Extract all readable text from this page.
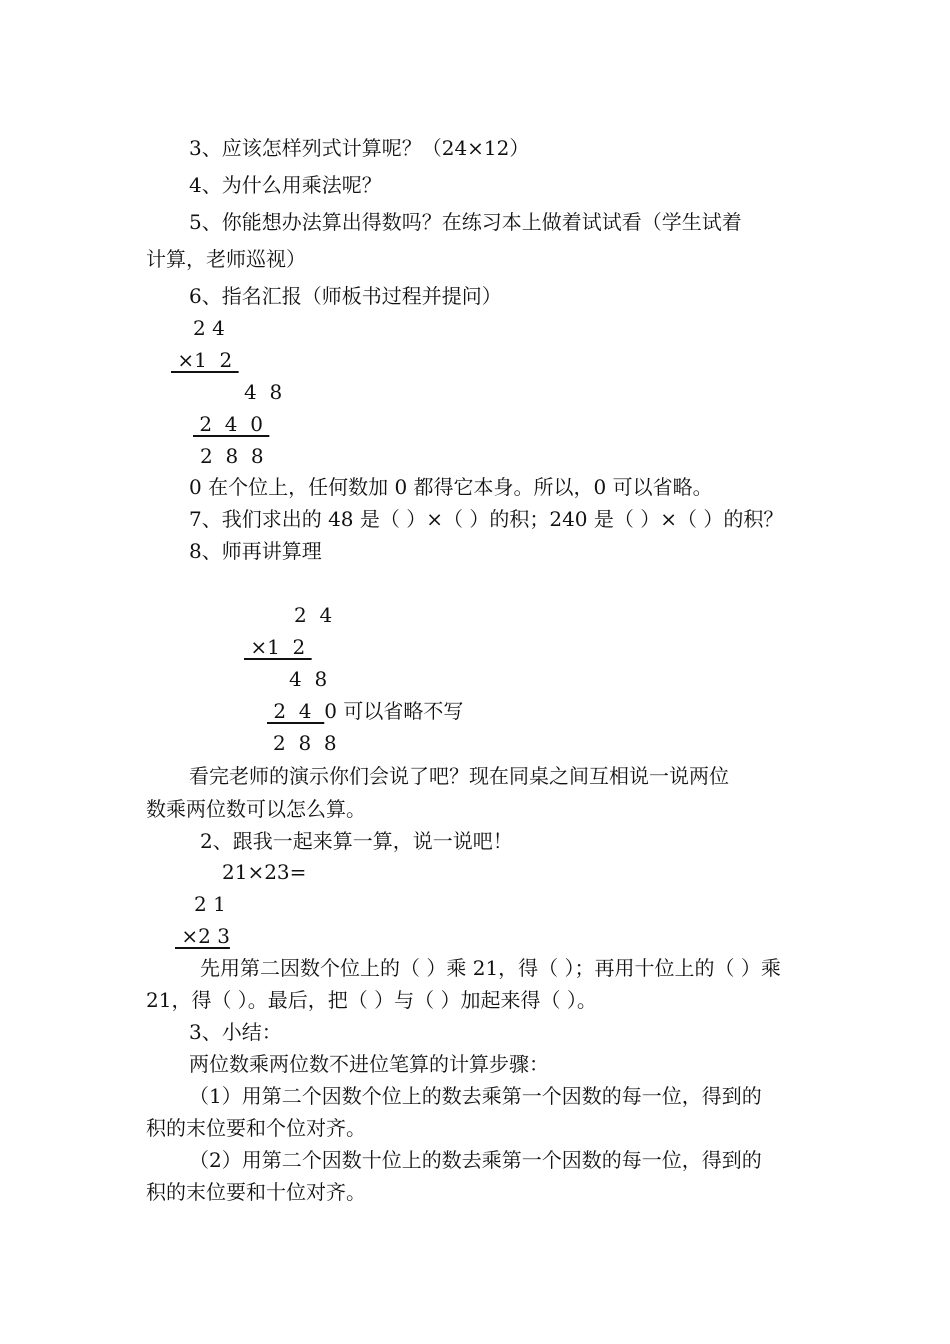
3、应该怎样列式计算呢？（24×12）
4、为什么用乘法呢？
5、你能想办法算出得数吗？在练习本上做着试试看（学生试着
计算，老师巡视）
6、指名汇报（师板书过程并提问）
2 4
×1  2
4  8
2  4  0
2  8  8
0 在个位上，任何数加 0 都得它本身。所以，0 可以省略。
7、我们求出的 48 是（ ）×（ ）的积；240 是（ ）×（ ）的积？
8、师再讲算理
2  4
×1  2
4  8
2  4  0 可以省略不写
2  8  8
看完老师的演示你们会说了吧？现在同桌之间互相说一说两位
数乘两位数可以怎么算。
2、跟我一起来算一算，说一说吧！
21×23=
2 1
×2 3
先用第二因数个位上的（ ）乘 21，得（ ）；再用十位上的（ ）乘
21，得（ ）。最后，把（ ）与（ ）加起来得（ ）。
3、小结：
两位数乘两位数不进位笔算的计算步骤：
（1）用第二个因数个位上的数去乘第一个因数的每一位，得到的
积的末位要和个位对齐。
（2）用第二个因数十位上的数去乘第一个因数的每一位，得到的
积的末位要和十位对齐。
